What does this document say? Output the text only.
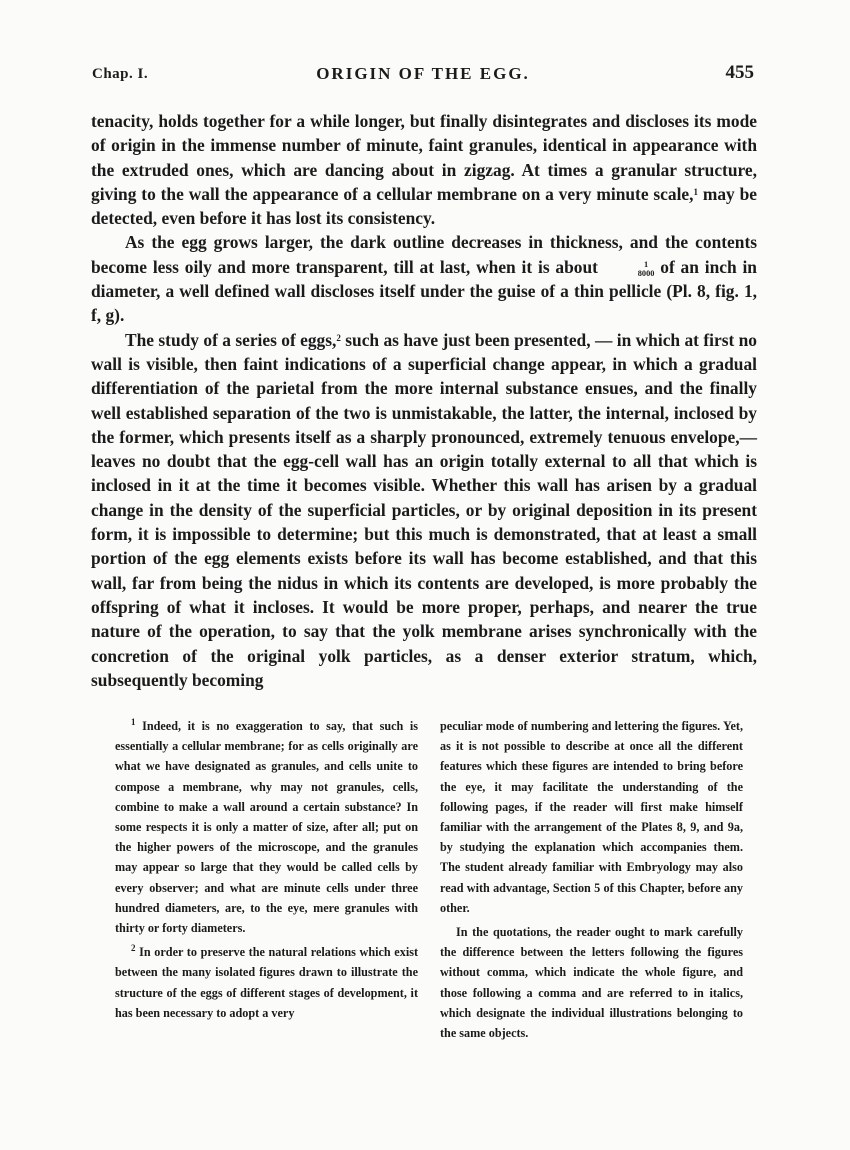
Chap. I.	ORIGIN OF THE EGG.	455

tenacity, holds together for a while longer, but finally disintegrates and discloses its mode of origin in the immense number of minute, faint granules, identical in appearance with the extruded ones, which are dancing about in zigzag. At times a granular structure, giving to the wall the appearance of a cellular membrane on a very minute scale,$^1$ may be detected, even before it has lost its consistency.

As the egg grows larger, the dark outline decreases in thickness, and the contents become less oily and more transparent, till at last, when it is about	1
8000 of an inch in diameter, a well defined wall discloses itself under the guise of a thin pellicle (Pl. 8, fig. 1, f, g).

The study of a series of eggs,$^2$ such as have just been presented, — in which at first no wall is visible, then faint indications of a superficial change appear, in which a gradual differentiation of the parietal from the more internal substance ensues, and the finally well established separation of the two is unmistakable, the latter, the internal, inclosed by the former, which presents itself as a sharply pronounced, extremely tenuous envelope,—leaves no doubt that the egg-cell wall has an origin totally external to all that which is inclosed in it at the time it becomes visible. Whether this wall has arisen by a gradual change in the density of the superficial particles, or by original deposition in its present form, it is impossible to determine; but this much is demonstrated, that at least a small portion of the egg elements exists before its wall has become established, and that this wall, far from being the nidus in which its contents are developed, is more probably the offspring of what it incloses. It would be more proper, perhaps, and nearer the true nature of the operation, to say that the yolk membrane arises synchronically with the concretion of the original yolk particles, as a denser exterior stratum, which, subsequently becoming

$^1$ Indeed, it is no exaggeration to say, that such is essentially a cellular membrane; for as cells originally are what we have designated as granules, and cells unite to compose a membrane, why may not granules, cells, combine to make a wall around a certain substance? In some respects it is only a matter of size, after all; put on the higher powers of the microscope, and the granules may appear so large that they would be called cells by every observer; and what are minute cells under three hundred diameters, are, to the eye, mere granules with thirty or forty diameters.

$^2$ In order to preserve the natural relations which exist between the many isolated figures drawn to illustrate the structure of the eggs of different stages of development, it has been necessary to adopt a very

peculiar mode of numbering and lettering the figures. Yet, as it is not possible to describe at once all the different features which these figures are intended to bring before the eye, it may facilitate the understanding of the following pages, if the reader will first make himself familiar with the arrangement of the Plates 8, 9, and 9a, by studying the explanation which accompanies them. The student already familiar with Embryology may also read with advantage, Section 5 of this Chapter, before any other.

In the quotations, the reader ought to mark carefully the difference between the letters following the figures without comma, which indicate the whole figure, and those following a comma and are referred to in italics, which designate the individual illustrations belonging to the same objects.
